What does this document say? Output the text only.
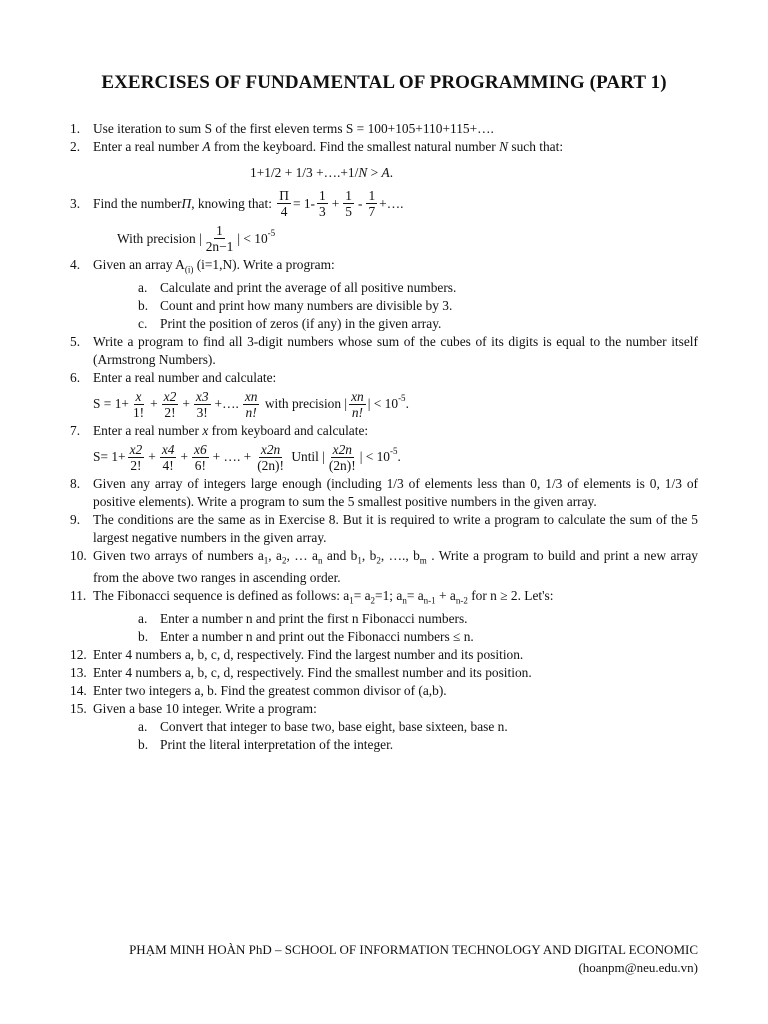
EXERCISES OF FUNDAMENTAL OF PROGRAMMING (PART 1)
1. Use iteration to sum S of the first eleven terms S = 100+105+110+115+….
2. Enter a real number A from the keyboard. Find the smallest natural number N such that:
1+1/2 + 1/3 +….+1/N > A.
3. Find the number Π , knowing that:
$\frac{\Pi}{4} = 1- \frac{1}{3} + \frac{1}{5} - \frac{1}{7}$ +….
With precision | $\frac{1}{2n-1}$ | < $10^{-5}$
4. Given an array $A_{(i)}$ (i=1,N). Write a program:
a. Calculate and print the average of all positive numbers.
b. Count and print how many numbers are divisible by 3.
c. Print the position of zeros (if any) in the given array.
5. Write a program to find all 3-digit numbers whose sum of the cubes of its digits is equal to the number itself (Armstrong Numbers).
6. Enter a real number and calculate:
$S = 1+ \frac{x}{1!} + \frac{x2}{2!} + \frac{x3}{3!}$ +…. $\frac{xn}{n!}$
with precision | $\frac{xn}{n!}$ | < $10^{-5}$ .
7. Enter a real number x from keyboard and calculate:
$S= 1+ \frac{x2}{2!} + \frac{x4}{4!} + \frac{x6}{6!}$ + …. + $\frac{x2n}{(2n)!}$
Until | $\frac{x2n}{(2n)!}$ | < $10^{-5}$ .
8. Given any array of integers large enough (including 1/3 of elements less than 0, 1/3 of elements is 0, 1/3 of positive elements). Write a program to sum the 5 smallest positive numbers in the given array.
9. The conditions are the same as in Exercise 8. But it is required to write a program to calculate the sum of the 5 largest negative numbers in the given array.
10. Given two arrays of numbers $a_1$, $a_2$, … $a_n$ and $b_1$, $b_2$, …., $b_m$ . Write a program to build and print a new array from the above two ranges in ascending order.
11. The Fibonacci sequence is defined as follows: $a_1= a_2=1$; $a_n= a_{n-1} + a_{n-2}$ for n ≥ 2. Let's:
a. Enter a number n and print the first n Fibonacci numbers.
b. Enter a number n and print out the Fibonacci numbers ≤ n.
12. Enter 4 numbers a, b, c, d, respectively. Find the largest number and its position.
13. Enter 4 numbers a, b, c, d, respectively. Find the smallest number and its position.
14. Enter two integers a, b. Find the greatest common divisor of (a,b).
15. Given a base 10 integer. Write a program:
a. Convert that integer to base two, base eight, base sixteen, base n.
b. Print the literal interpretation of the integer.
PHẠM MINH HOÀN PhD – SCHOOL OF INFORMATION TECHNOLOGY AND DIGITAL ECONOMIC
(hoanpm@neu.edu.vn)
